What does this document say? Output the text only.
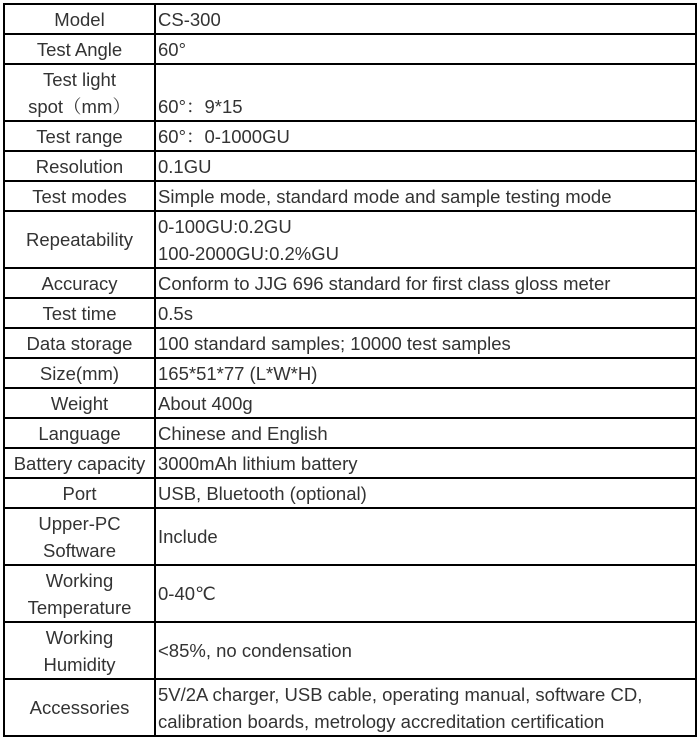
Model	CS-300
Test Angle	60°

Test light
spot（mm）	60°：9*15
Test range	60°：0-1000GU
Resolution	0.1GU
Test modes	Simple mode, standard mode and sample testing mode
Repeatability	0-100GU:0.2GU
100-2000GU:0.2%GU

Accuracy	Conform to JJG 696 standard for first class gloss meter
Test time	0.5s
Data storage	100 standard samples; 10000 test samples
Size(mm)	165*51*77 (L*W*H)
Weight	About 400g
Language	Chinese and English
Battery capacity	3000mAh lithium battery
Port	USB, Bluetooth (optional)

Upper-PC
Software	Include

Working
Temperature	0-40℃

Working
Humidity	<85%, no condensation
Accessories	5V/2A charger, USB cable, operating manual, software CD,
calibration boards, metrology accreditation certification
